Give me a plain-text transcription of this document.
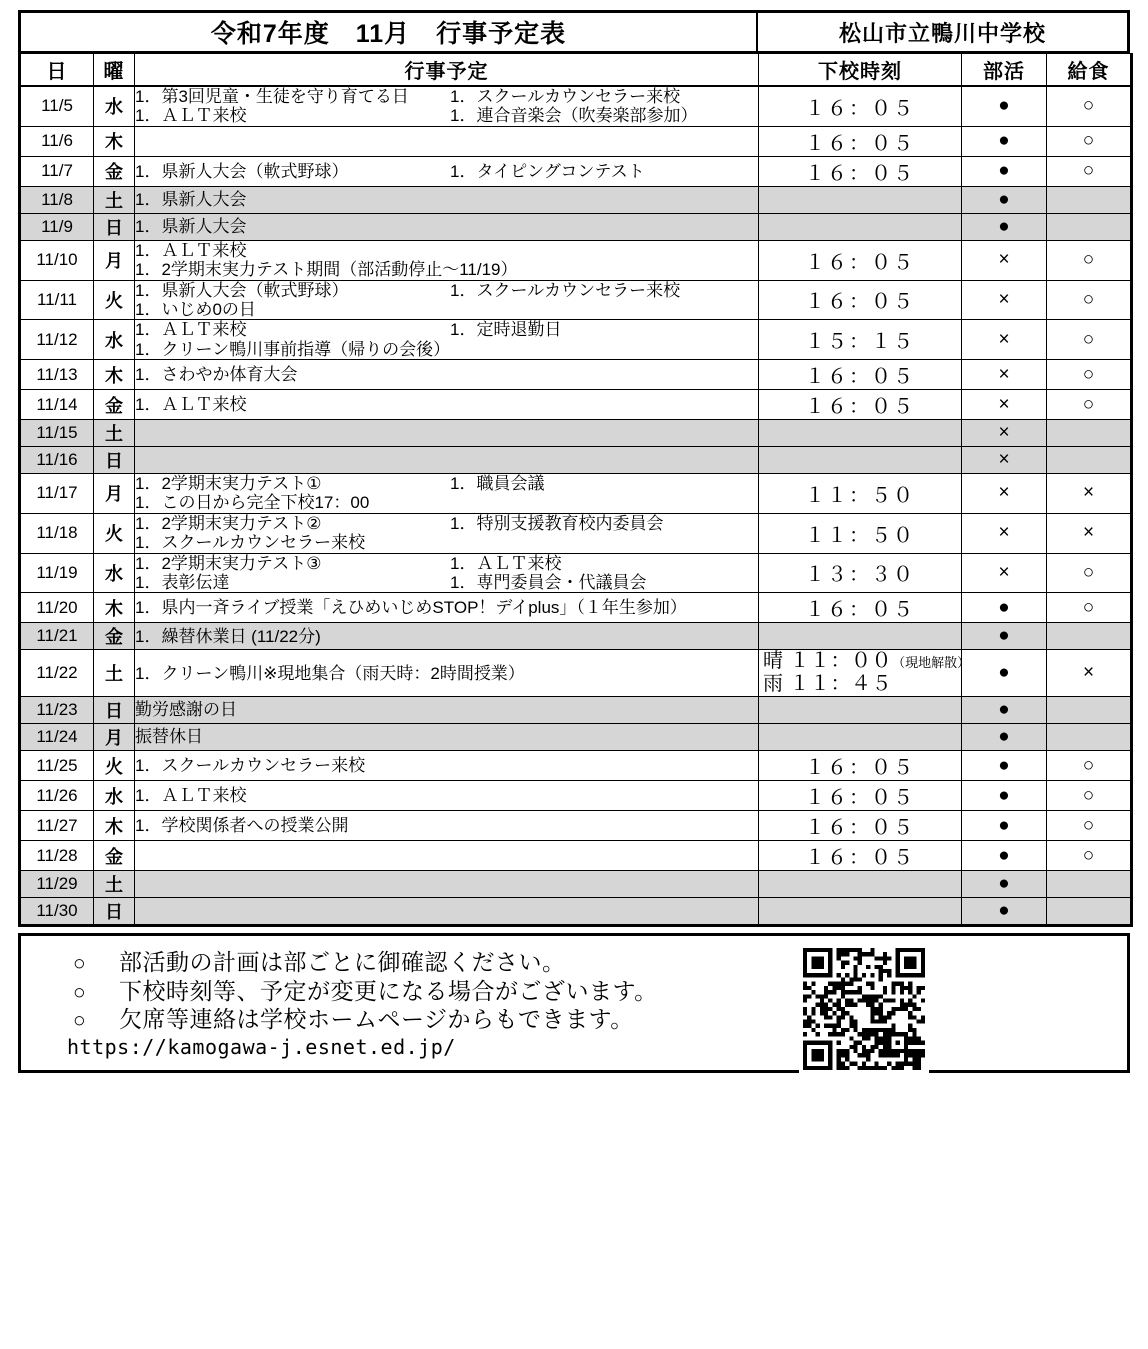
令和7年度　11月　行事予定表	松山市立鴨川中学校
日	曜	行事予定	下校時刻	部活	給食
11/5	水	1．第3回児童・生徒を守り育てる日 1．スクールカウンセラー来校
1．ＡＬＴ来校 1．連合音楽会（吹奏楽部参加）	１６：０５	●	○
11/6	木		１６：０５	●	○
11/7	金	1．県新人大会（軟式野球） 1．タイピングコンテスト	１６：０５	●	○
11/8	土	1．県新人大会		●	
11/9	日	1．県新人大会		●	
11/10	月	1．ＡＬＴ来校
1．2学期末実力テスト期間（部活動停止～11/19）	１６：０５	×	○
11/11	火	1．県新人大会（軟式野球） 1．スクールカウンセラー来校
1．いじめ0の日	１６：０５	×	○
11/12	水	1．ＡＬＴ来校 1．定時退勤日
1．クリーン鴨川事前指導（帰りの会後）	１５：１５	×	○
11/13	木	1．さわやか体育大会	１６：０５	×	○
11/14	金	1．ＡＬＴ来校	１６：０５	×	○
11/15	土			×	
11/16	日			×	
11/17	月	1．2学期末実力テスト① 1．職員会議
1．この日から完全下校17：00	１１：５０	×	×
11/18	火	1．2学期末実力テスト② 1．特別支援教育校内委員会
1．スクールカウンセラー来校	１１：５０	×	×
11/19	水	1．2学期末実力テスト③ 1．ＡＬＴ来校
1．表彰伝達 1．専門委員会・代議員会	１３：３０	×	○
11/20	木	1．県内一斉ライブ授業「えひめいじめSTOP！デイplus」（１年生参加）	１６：０５	●	○
11/21	金	1．繰替休業日 (11/22分)		●	
11/22	土	1．クリーン鴨川※現地集合（雨天時：2時間授業）	晴 １１：００（現地解散）
雨 １１：４５	●	×
11/23	日	勤労感謝の日		●	
11/24	月	振替休日		●	
11/25	火	1．スクールカウンセラー来校	１６：０５	●	○
11/26	水	1．ＡＬＴ来校	１６：０５	●	○
11/27	木	1．学校関係者への授業公開	１６：０５	●	○
11/28	金		１６：０５	●	○
11/29	土			●	
11/30	日			●	
○	部活動の計画は部ごとに御確認ください。
○	下校時刻等、予定が変更になる場合がございます。
○	欠席等連絡は学校ホームページからもできます。
https://kamogawa-j.esnet.ed.jp/
